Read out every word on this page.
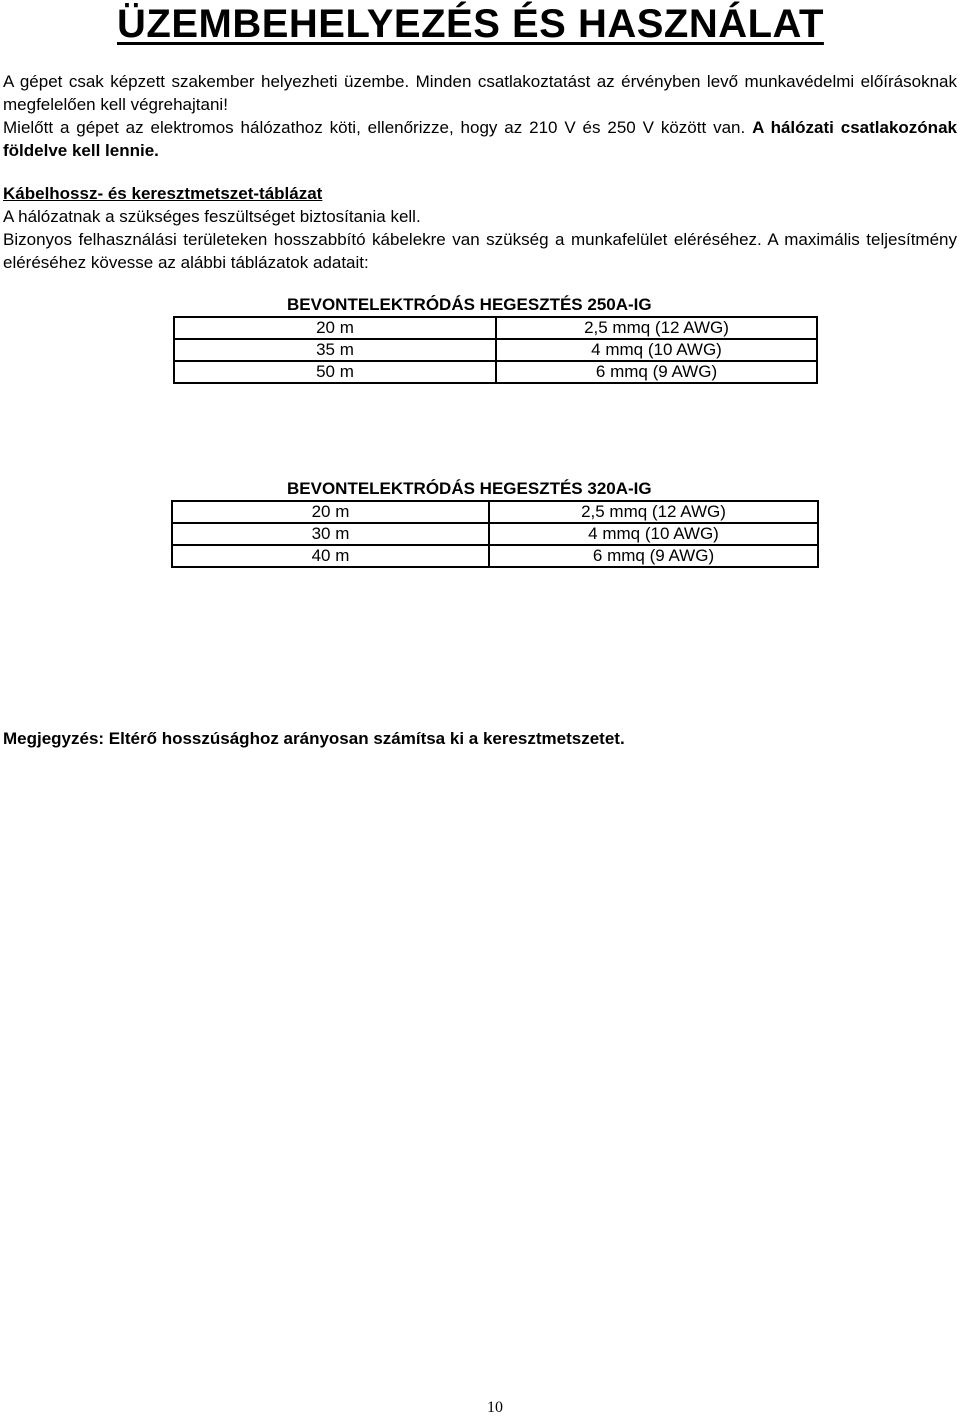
ÜZEMBEHELYEZÉS ÉS HASZNÁLAT

A gépet csak képzett szakember helyezheti üzembe. Minden csatlakoztatást az érvényben levő munkavédelmi előírásoknak megfelelően kell végrehajtani!

Mielőtt a gépet az elektromos hálózathoz köti, ellenőrizze, hogy az 210 V és 250 V között van. A hálózati csatlakozónak földelve kell lennie.

Kábelhossz- és keresztmetszet-táblázat

A hálózatnak a szükséges feszültséget biztosítania kell.

Bizonyos felhasználási területeken hosszabbító kábelekre van szükség a munkafelület eléréséhez. A maximális teljesítmény eléréséhez kövesse az alábbi táblázatok adatait:

BEVONTELEKTRÓDÁS HEGESZTÉS 250A-IG
20 m	2,5 mmq (12 AWG)
35 m	4 mmq (10 AWG)
50 m	6 mmq (9 AWG)
BEVONTELEKTRÓDÁS HEGESZTÉS 320A-IG
20 m	2,5 mmq (12 AWG)
30 m	4 mmq (10 AWG)
40 m	6 mmq (9 AWG)
Megjegyzés: Eltérő hosszúsághoz arányosan számítsa ki a keresztmetszetet.
10
